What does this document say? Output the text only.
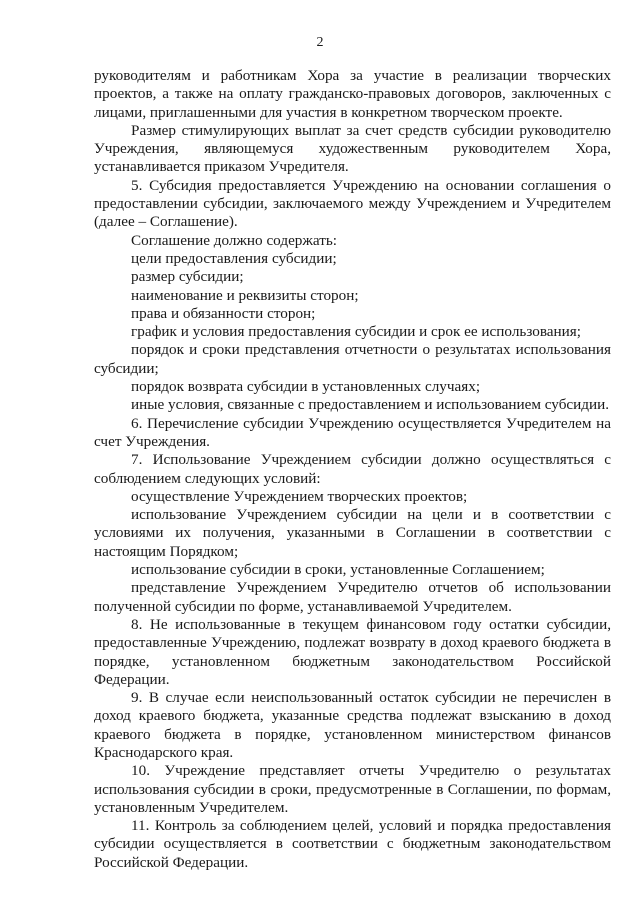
2

руководителям и работникам Хора за участие в реализации творческих проектов, а также на оплату гражданско-правовых договоров, заключенных с лицами, приглашенными для участия в конкретном творческом проекте.

Размер стимулирующих выплат за счет средств субсидии руководителю Учреждения, являющемуся художественным руководителем Хора, устанавливается приказом Учредителя.

5. Субсидия предоставляется Учреждению на основании соглашения о предоставлении субсидии, заключаемого между Учреждением и Учредителем (далее – Соглашение).

Соглашение должно содержать:

цели предоставления субсидии;

размер субсидии;

наименование и реквизиты сторон;

права и обязанности сторон;

график и условия предоставления субсидии и срок ее использования;

порядок и сроки представления отчетности о результатах использования субсидии;

порядок возврата субсидии в установленных случаях;

иные условия, связанные с предоставлением и использованием субсидии.

6. Перечисление субсидии Учреждению осуществляется Учредителем на счет Учреждения.

7. Использование Учреждением субсидии должно осуществляться с соблюдением следующих условий:

осуществление Учреждением творческих проектов;

использование Учреждением субсидии на цели и в соответствии с условиями их получения, указанными в Соглашении в соответствии с настоящим Порядком;

использование субсидии в сроки, установленные Соглашением;

представление Учреждением Учредителю отчетов об использовании полученной субсидии по форме, устанавливаемой Учредителем.

8. Не использованные в текущем финансовом году остатки субсидии, предоставленные Учреждению, подлежат возврату в доход краевого бюджета в порядке, установленном бюджетным законодательством Российской Федерации.

9. В случае если неиспользованный остаток субсидии не перечислен в доход краевого бюджета, указанные средства подлежат взысканию в доход краевого бюджета в порядке, установленном министерством финансов Краснодарского края.

10. Учреждение представляет отчеты Учредителю о результатах использования субсидии в сроки, предусмотренные в Соглашении, по формам, установленным Учредителем.

11. Контроль за соблюдением целей, условий и порядка предоставления субсидии осуществляется в соответствии с бюджетным законодательством Российской Федерации.
